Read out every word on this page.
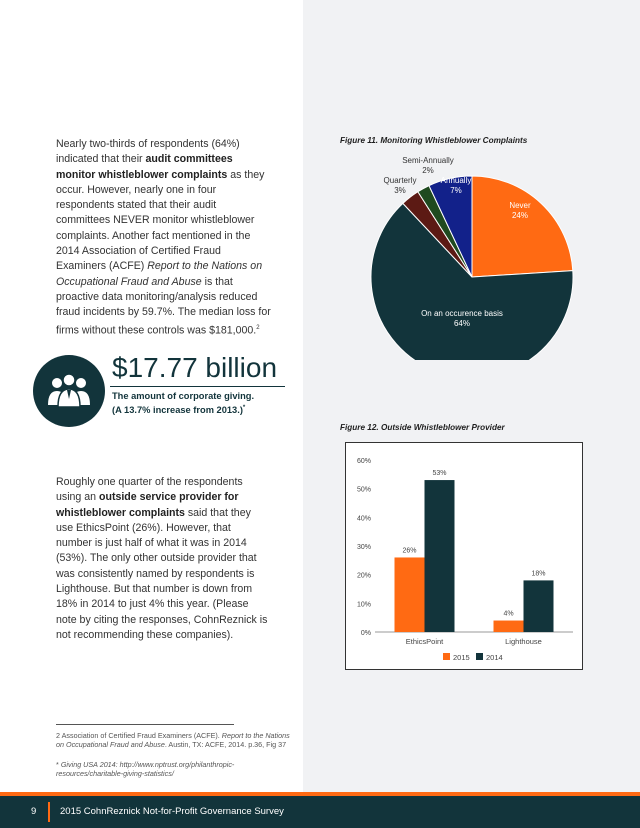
Nearly two-thirds of respondents (64%) indicated that their audit committees monitor whistleblower complaints as they occur. However, nearly one in four respondents stated that their audit committees NEVER monitor whistleblower complaints. Another fact mentioned in the 2014 Association of Certified Fraud Examiners (ACFE) Report to the Nations on Occupational Fraud and Abuse is that proactive data monitoring/analysis reduced fraud incidents by 59.7%. The median loss for firms without these controls was $181,000.$^2$
$17.77 billion
The amount of corporate giving.
(A 13.7% increase from 2013.)*
Roughly one quarter of the respondents using an outside service provider for whistleblower complaints said that they use EthicsPoint (26%). However, that number is just half of what it was in 2014 (53%). The only other outside provider that was consistently named by respondents is Lighthouse. But that number is down from 18% in 2014 to just 4% this year. (Please note by citing the responses, CohnReznick is not recommending these companies).
Figure 11. Monitoring Whistleblower Complaints
Never
24%
On an occurence basis
64%
Quarterly
3%
Semi-Annually
2%
Annually
7%
Figure 12. Outside Whistleblower Provider
0%
10%
20%
30%
40%
50%
60%
26%
53%
EthicsPoint
4%
18%
Lighthouse
2015 2014
2 Association of Certified Fraud Examiners (ACFE). Report to the Nations on Occupational Fraud and Abuse. Austin, TX: ACFE, 2014. p.36, Fig 37
* Giving USA 2014: http://www.nptrust.org/philanthropic-resources/charitable-giving-statistics/
9 2015 CohnReznick Not-for-Profit Governance Survey
